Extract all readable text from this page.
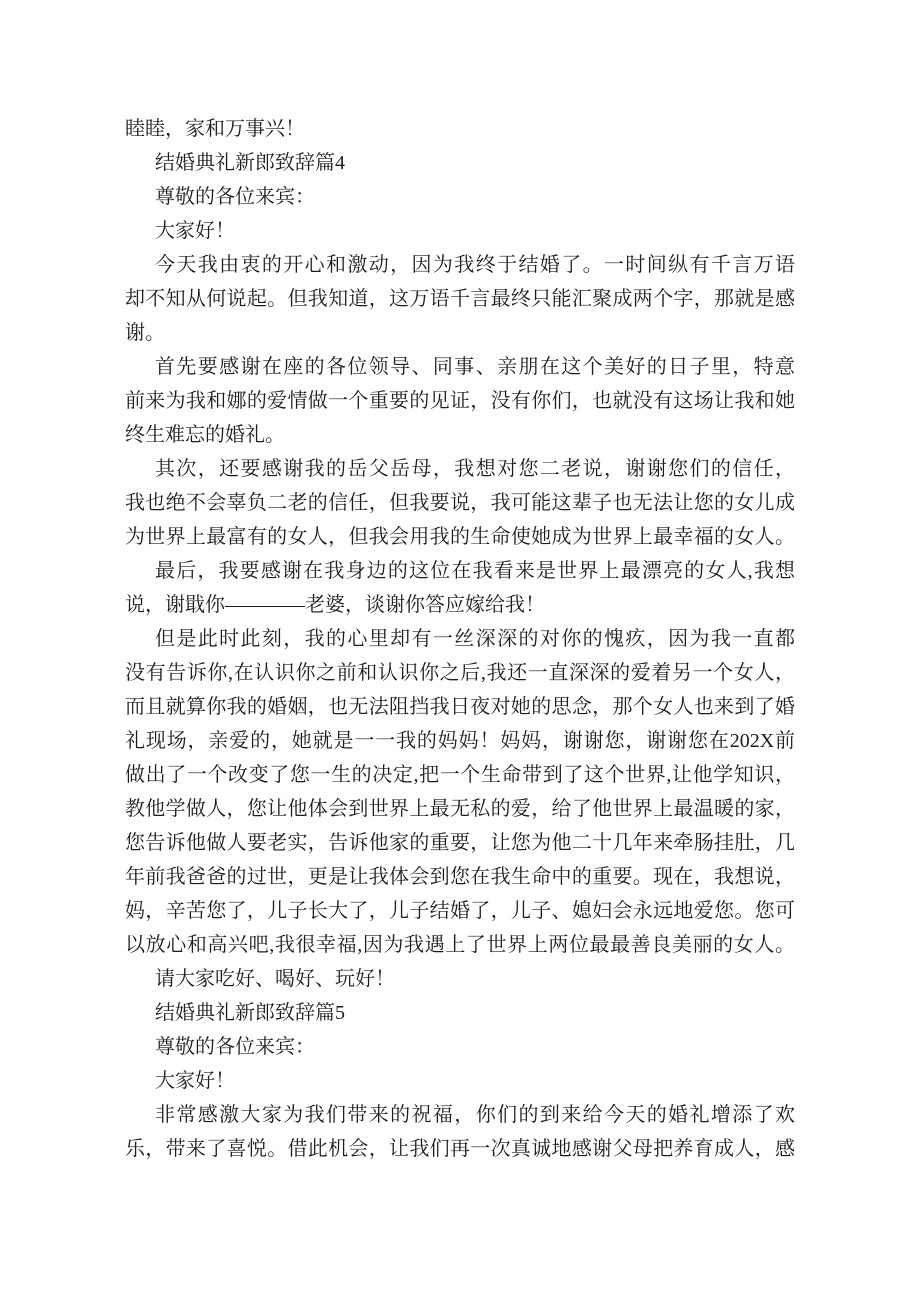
睦睦，家和万事兴！
结婚典礼新郎致辞篇4
尊敬的各位来宾：
大家好！
今天我由衷的开心和激动，因为我终于结婚了。一时间纵有千言万语
却不知从何说起。但我知道，这万语千言最终只能汇聚成两个字，那就是感
谢。
首先要感谢在座的各位领导、同事、亲朋在这个美好的日子里，特意
前来为我和娜的爱情做一个重要的见证，没有你们，也就没有这场让我和她
终生难忘的婚礼。
其次，还要感谢我的岳父岳母，我想对您二老说，谢谢您们的信任，
我也绝不会辜负二老的信任，但我要说，我可能这辈子也无法让您的女儿成
为世界上最富有的女人，但我会用我的生命使她成为世界上最幸福的女人。
最后，我要感谢在我身边的这位在我看来是世界上最漂亮的女人,我想
说，谢戢你————老婆，谈谢你答应嫁给我！
但是此时此刻，我的心里却有一丝深深的对你的愧疚，因为我一直都
没有告诉你,在认识你之前和认识你之后,我还一直深深的爱着另一个女人，
而且就算你我的婚姻，也无法阻挡我日夜对她的思念，那个女人也来到了婚
礼现场，亲爱的，她就是一一我的妈妈！妈妈，谢谢您，谢谢您在202X前
做出了一个改变了您一生的决定,把一个生命带到了这个世界,让他学知识，
教他学做人，您让他体会到世界上最无私的爱，给了他世界上最温暖的家，
您告诉他做人要老实，告诉他家的重要，让您为他二十几年来牵肠挂肚，几
年前我爸爸的过世，更是让我体会到您在我生命中的重要。现在，我想说，
妈，辛苦您了，儿子长大了，儿子结婚了，儿子、媳妇会永远地爱您。您可
以放心和高兴吧,我很幸福,因为我遇上了世界上两位最最善良美丽的女人。
请大家吃好、喝好、玩好！
结婚典礼新郎致辞篇5
尊敬的各位来宾：
大家好！
非常感激大家为我们带来的祝福，你们的到来给今天的婚礼增添了欢
乐，带来了喜悦。借此机会，让我们再一次真诚地感谢父母把养育成人，感
